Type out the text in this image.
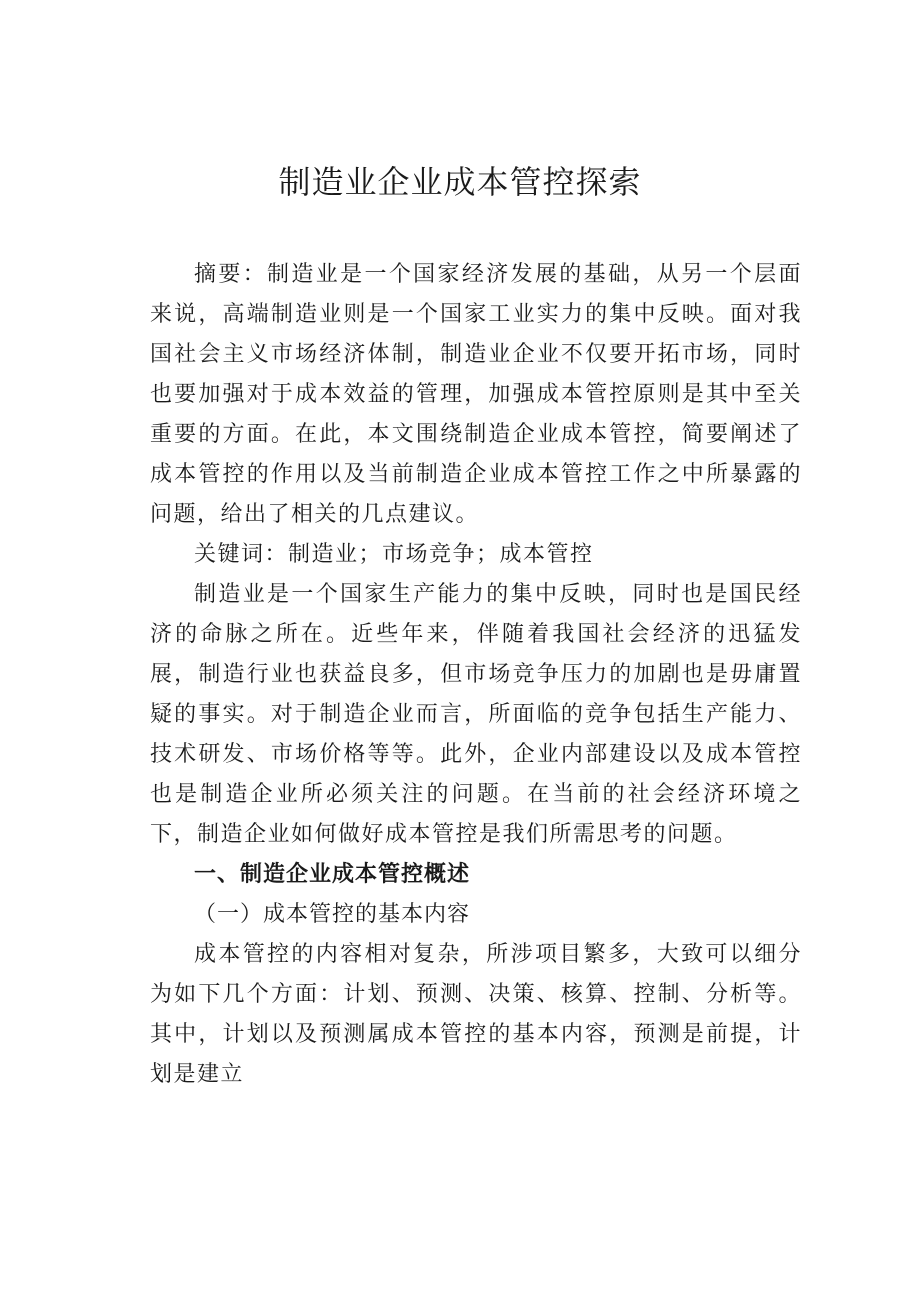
制造业企业成本管控探索

摘要：制造业是一个国家经济发展的基础，从另一个层面来说，高端制造业则是一个国家工业实力的集中反映。面对我国社会主义市场经济体制，制造业企业不仅要开拓市场，同时也要加强对于成本效益的管理，加强成本管控原则是其中至关重要的方面。在此，本文围绕制造企业成本管控，简要阐述了成本管控的作用以及当前制造企业成本管控工作之中所暴露的问题，给出了相关的几点建议。

关键词：制造业；市场竞争；成本管控

制造业是一个国家生产能力的集中反映，同时也是国民经济的命脉之所在。近些年来，伴随着我国社会经济的迅猛发展，制造行业也获益良多，但市场竞争压力的加剧也是毋庸置疑的事实。对于制造企业而言，所面临的竞争包括生产能力、技术研发、市场价格等等。此外，企业内部建设以及成本管控也是制造企业所必须关注的问题。在当前的社会经济环境之下，制造企业如何做好成本管控是我们所需思考的问题。

一、制造企业成本管控概述

（一）成本管控的基本内容

成本管控的内容相对复杂，所涉项目繁多，大致可以细分为如下几个方面：计划、预测、决策、核算、控制、分析等。其中，计划以及预测属成本管控的基本内容，预测是前提，计划是建立
